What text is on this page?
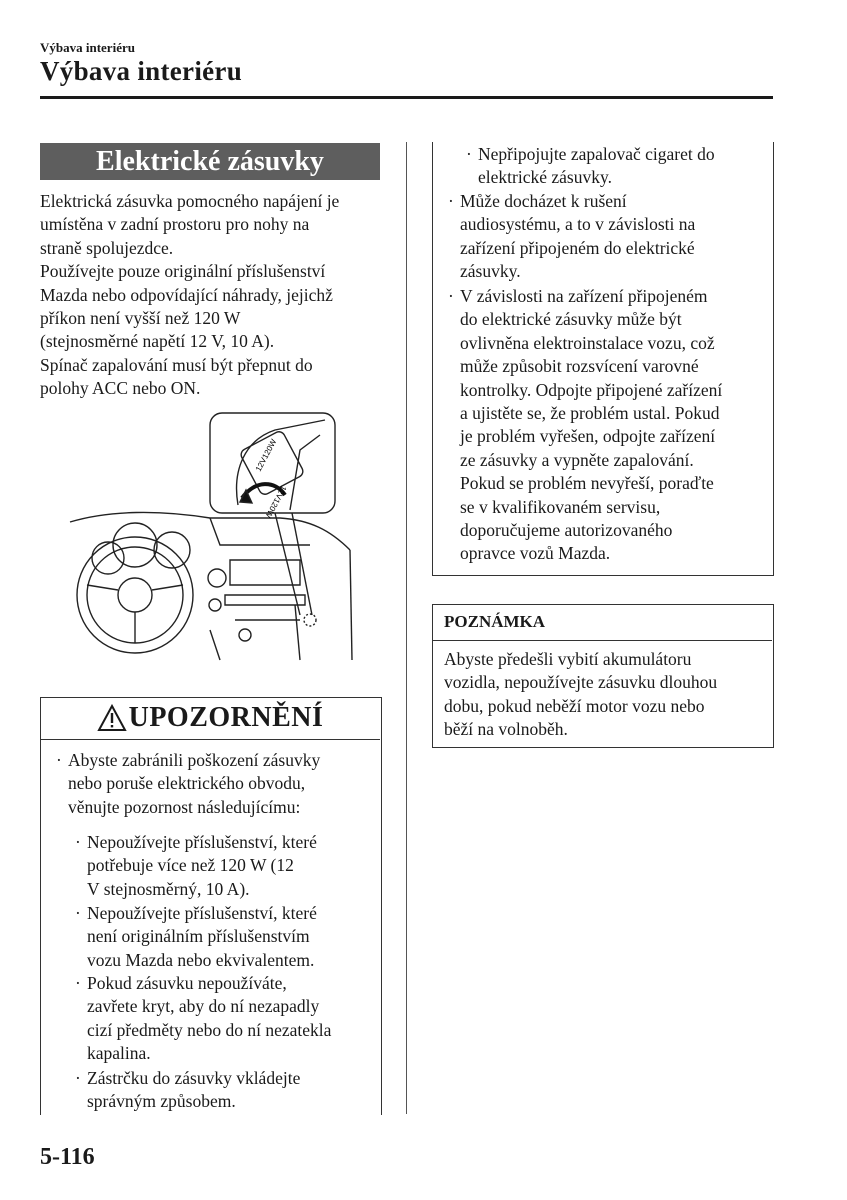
Výbava interiéru
Výbava interiéru
Elektrické zásuvky

Elektrická zásuvka pomocného napájení je

umístěna v zadní prostoru pro nohy na

straně spolujezdce.

Používejte pouze originální příslušenství

Mazda nebo odpovídající náhrady, jejichž

příkon není vyšší než 120 W

(stejnosměrné napětí 12 V, 10 A).

Spínač zapalování musí být přepnut do

polohy ACC nebo ON.

12V120W
12V120W
UPOZORNĚNÍ
· Abyste zabránili poškození zásuvky
nebo poruše elektrického obvodu,
věnujte pozornost následujícímu:
· Nepoužívejte příslušenství, které
potřebuje více než 120 W (12
V stejnosměrný, 10 A).
· Nepoužívejte příslušenství, které
není originálním příslušenstvím
vozu Mazda nebo ekvivalentem.
· Pokud zásuvku nepoužíváte,
zavřete kryt, aby do ní nezapadly
cizí předměty nebo do ní nezatekla
kapalina.
· Zástrčku do zásuvky vkládejte
správným způsobem.
· Nepřipojujte zapalovač cigaret do
elektrické zásuvky.
· Může docházet k rušení
audiosystému, a to v závislosti na
zařízení připojeném do elektrické
zásuvky.
· V závislosti na zařízení připojeném
do elektrické zásuvky může být
ovlivněna elektroinstalace vozu, což
může způsobit rozsvícení varovné
kontrolky. Odpojte připojené zařízení
a ujistěte se, že problém ustal. Pokud
je problém vyřešen, odpojte zařízení
ze zásuvky a vypněte zapalování.
Pokud se problém nevyřeší, poraďte
se v kvalifikovaném servisu,
doporučujeme autorizovaného
opravce vozů Mazda.
POZNÁMKA
Abyste předešli vybití akumulátoru
vozidla, nepoužívejte zásuvku dlouhou
dobu, pokud neběží motor vozu nebo
běží na volnoběh.
5-116
